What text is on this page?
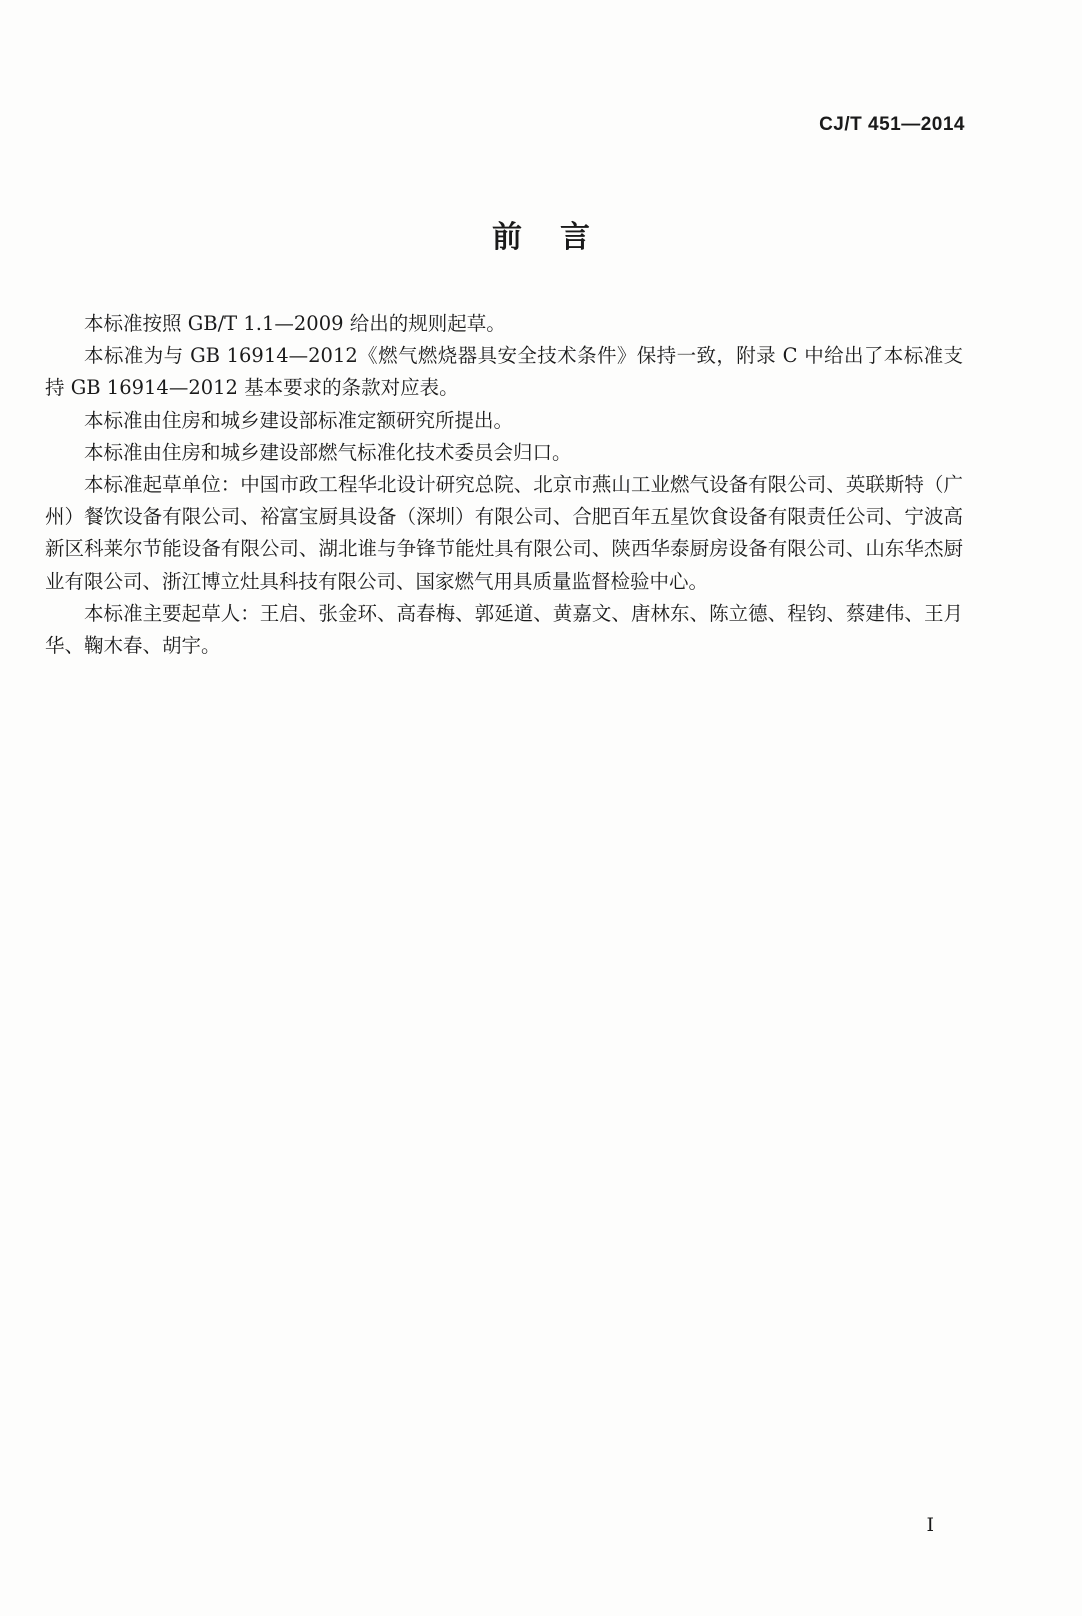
CJ/T 451—2014
前言

本标准按照 GB/T 1.1—2009 给出的规则起草。

本标准为与 GB 16914—2012《燃气燃烧器具安全技术条件》保持一致，附录 C 中给出了本标准支持 GB 16914—2012 基本要求的条款对应表。

本标准由住房和城乡建设部标准定额研究所提出。

本标准由住房和城乡建设部燃气标准化技术委员会归口。

本标准起草单位：中国市政工程华北设计研究总院、北京市燕山工业燃气设备有限公司、英联斯特（广州）餐饮设备有限公司、裕富宝厨具设备（深圳）有限公司、合肥百年五星饮食设备有限责任公司、宁波高新区科莱尔节能设备有限公司、湖北谁与争锋节能灶具有限公司、陕西华泰厨房设备有限公司、山东华杰厨业有限公司、浙江博立灶具科技有限公司、国家燃气用具质量监督检验中心。

本标准主要起草人：王启、张金环、高春梅、郭延道、黄嘉文、唐林东、陈立德、程钧、蔡建伟、王月华、鞠木春、胡宇。

I
